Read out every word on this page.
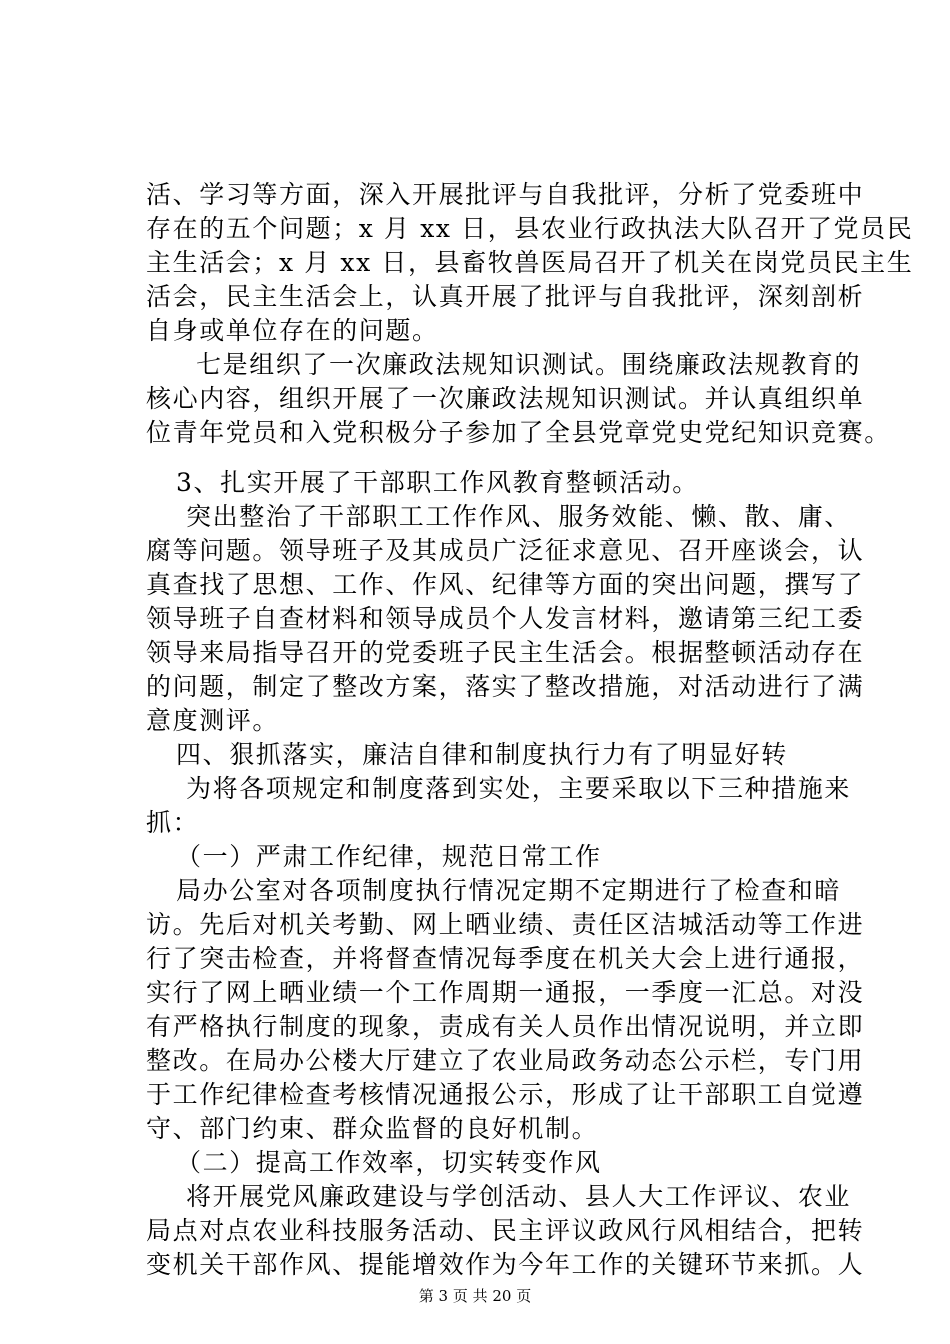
活、学习等方面，深入开展批评与自我批评，分析了党委班中
存在的五个问题；x 月 xx 日，县农业行政执法大队召开了党员民
主生活会；x 月 xx 日，县畜牧兽医局召开了机关在岗党员民主生
活会，民主生活会上，认真开展了批评与自我批评，深刻剖析
自身或单位存在的问题。
七是组织了一次廉政法规知识测试。围绕廉政法规教育的
核心内容，组织开展了一次廉政法规知识测试。并认真组织单
位青年党员和入党积极分子参加了全县党章党史党纪知识竞赛。
3、扎实开展了干部职工作风教育整顿活动。
突出整治了干部职工工作作风、服务效能、懒、散、庸、
腐等问题。领导班子及其成员广泛征求意见、召开座谈会，认
真查找了思想、工作、作风、纪律等方面的突出问题，撰写了
领导班子自查材料和领导成员个人发言材料，邀请第三纪工委
领导来局指导召开的党委班子民主生活会。根据整顿活动存在
的问题，制定了整改方案，落实了整改措施，对活动进行了满
意度测评。
四、狠抓落实，廉洁自律和制度执行力有了明显好转
为将各项规定和制度落到实处，主要采取以下三种措施来
抓：
（一）严肃工作纪律，规范日常工作
局办公室对各项制度执行情况定期不定期进行了检查和暗
访。先后对机关考勤、网上晒业绩、责任区洁城活动等工作进
行了突击检查，并将督查情况每季度在机关大会上进行通报，
实行了网上晒业绩一个工作周期一通报，一季度一汇总。对没
有严格执行制度的现象，责成有关人员作出情况说明，并立即
整改。在局办公楼大厅建立了农业局政务动态公示栏，专门用
于工作纪律检查考核情况通报公示，形成了让干部职工自觉遵
守、部门约束、群众监督的良好机制。
（二）提高工作效率，切实转变作风
将开展党风廉政建设与学创活动、县人大工作评议、农业
局点对点农业科技服务活动、民主评议政风行风相结合，把转
变机关干部作风、提能增效作为今年工作的关键环节来抓。人
第 3 页 共 20 页
